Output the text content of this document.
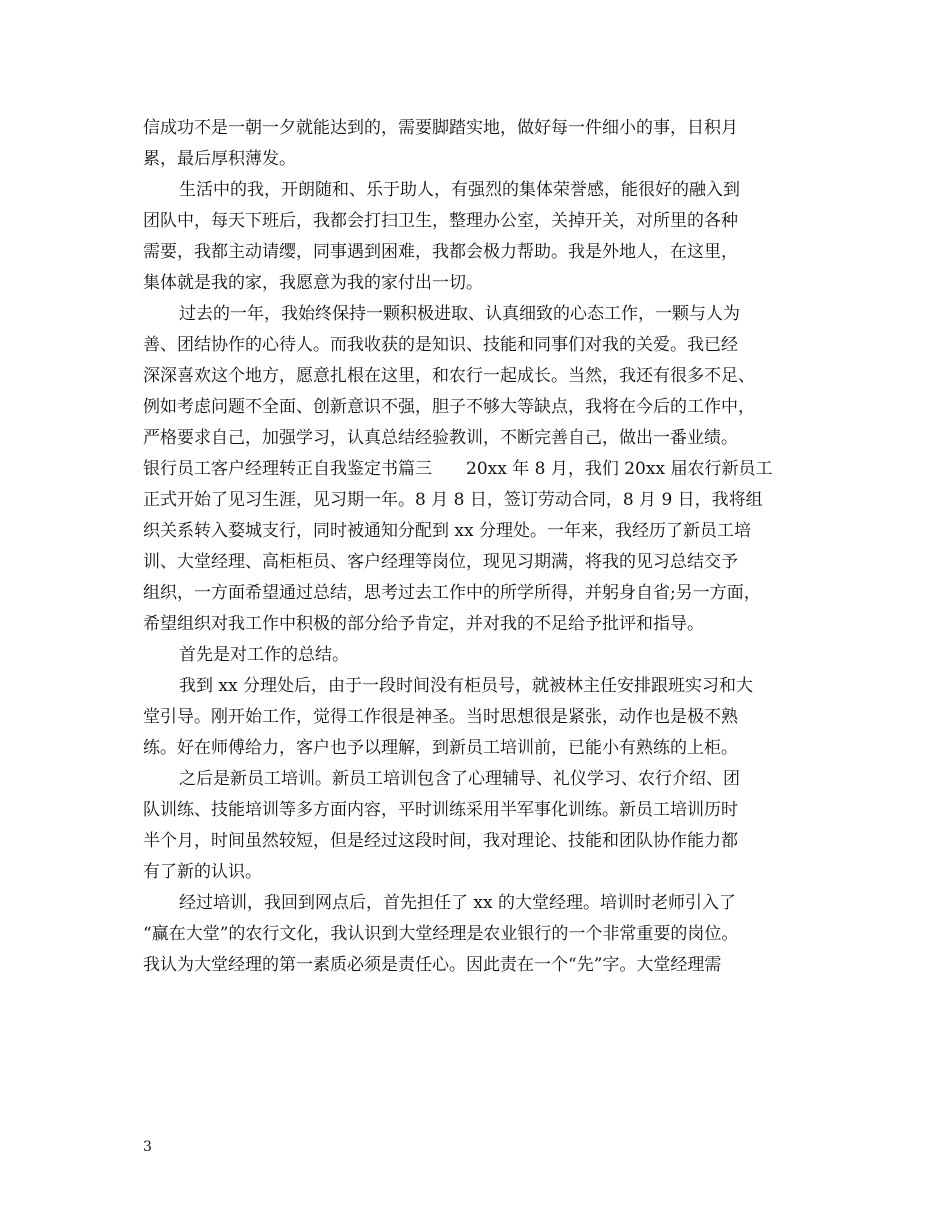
信成功不是一朝一夕就能达到的，需要脚踏实地，做好每一件细小的事，日积月
累，最后厚积薄发。
生活中的我，开朗随和、乐于助人，有强烈的集体荣誉感，能很好的融入到
团队中，每天下班后，我都会打扫卫生，整理办公室，关掉开关，对所里的各种
需要，我都主动请缨，同事遇到困难，我都会极力帮助。我是外地人，在这里，
集体就是我的家，我愿意为我的家付出一切。
过去的一年，我始终保持一颗积极进取、认真细致的心态工作，一颗与人为
善、团结协作的心待人。而我收获的是知识、技能和同事们对我的关爱。我已经
深深喜欢这个地方，愿意扎根在这里，和农行一起成长。当然，我还有很多不足、
例如考虑问题不全面、创新意识不强，胆子不够大等缺点，我将在今后的工作中，
严格要求自己，加强学习，认真总结经验教训，不断完善自己，做出一番业绩。
银行员工客户经理转正自我鉴定书篇三　　20xx 年 8 月，我们 20xx 届农行新员工
正式开始了见习生涯，见习期一年。8 月 8 日，签订劳动合同，8 月 9 日，我将组
织关系转入婺城支行，同时被通知分配到 xx 分理处。一年来，我经历了新员工培
训、大堂经理、高柜柜员、客户经理等岗位，现见习期满，将我的见习总结交予
组织，一方面希望通过总结，思考过去工作中的所学所得，并躬身自省;另一方面，
希望组织对我工作中积极的部分给予肯定，并对我的不足给予批评和指导。
首先是对工作的总结。
我到 xx 分理处后，由于一段时间没有柜员号，就被林主任安排跟班实习和大
堂引导。刚开始工作，觉得工作很是神圣。当时思想很是紧张，动作也是极不熟
练。好在师傅给力，客户也予以理解，到新员工培训前，已能小有熟练的上柜。
之后是新员工培训。新员工培训包含了心理辅导、礼仪学习、农行介绍、团
队训练、技能培训等多方面内容，平时训练采用半军事化训练。新员工培训历时
半个月，时间虽然较短，但是经过这段时间，我对理论、技能和团队协作能力都
有了新的认识。
经过培训，我回到网点后，首先担任了 xx 的大堂经理。培训时老师引入了
“赢在大堂”的农行文化，我认识到大堂经理是农业银行的一个非常重要的岗位。
我认为大堂经理的第一素质必须是责任心。因此责在一个“先”字。大堂经理需
3
